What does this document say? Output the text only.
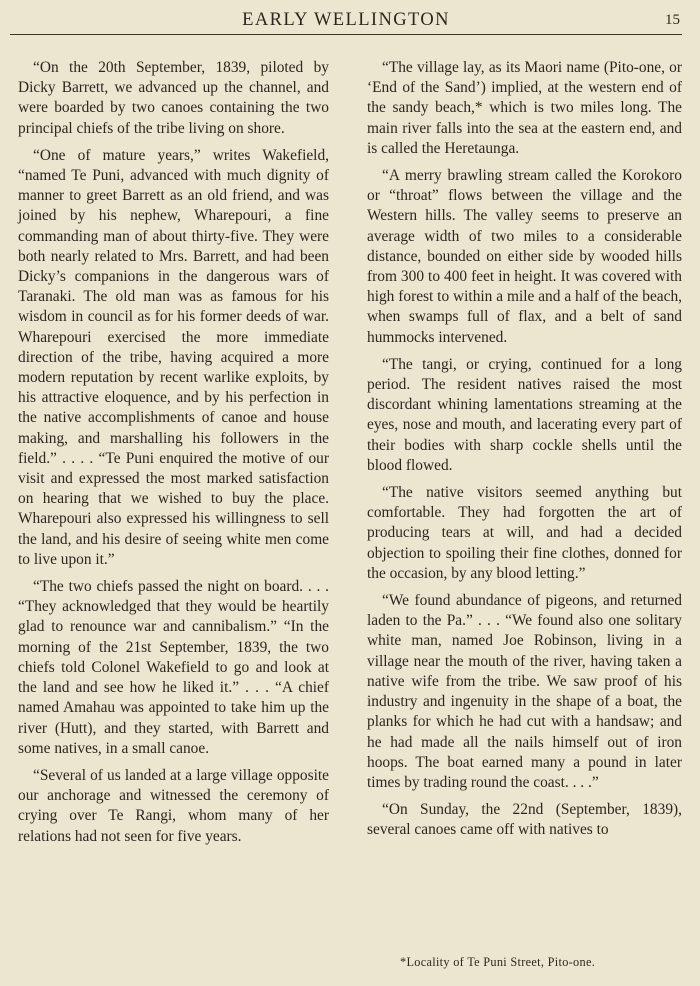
EARLY WELLINGTON	15

“On the 20th September, 1839, piloted by Dicky Barrett, we advanced up the channel, and were boarded by two canoes containing the two principal chiefs of the tribe living on shore.

“One of mature years,” writes Wakefield, “named Te Puni, advanced with much dignity of manner to greet Barrett as an old friend, and was joined by his nephew, Wharepouri, a fine commanding man of about thirty-five. They were both nearly related to Mrs. Barrett, and had been Dicky’s companions in the dangerous wars of Taranaki. The old man was as famous for his wisdom in council as for his former deeds of war. Wharepouri exercised the more immediate direction of the tribe, having acquired a more modern reputation by recent warlike exploits, by his attractive eloquence, and by his perfection in the native accomplishments of canoe and house making, and marshalling his followers in the field.” . . . . “Te Puni enquired the motive of our visit and expressed the most marked satisfaction on hearing that we wished to buy the place. Wharepouri also expressed his willingness to sell the land, and his desire of seeing white men come to live upon it.”

“The two chiefs passed the night on board. . . . “They acknowledged that they would be heartily glad to renounce war and cannibalism.” “In the morning of the 21st September, 1839, the two chiefs told Colonel Wakefield to go and look at the land and see how he liked it.” . . . “A chief named Amahau was appointed to take him up the river (Hutt), and they started, with Barrett and some natives, in a small canoe.

“Several of us landed at a large village opposite our anchorage and witnessed the ceremony of crying over Te Rangi, whom many of her relations had not seen for five years.

“The village lay, as its Maori name (Pito-one, or ‘End of the Sand’) implied, at the western end of the sandy beach,* which is two miles long. The main river falls into the sea at the eastern end, and is called the Heretaunga.

“A merry brawling stream called the Korokoro or “throat” flows between the village and the Western hills. The valley seems to preserve an average width of two miles to a considerable distance, bounded on either side by wooded hills from 300 to 400 feet in height. It was covered with high forest to within a mile and a half of the beach, when swamps full of flax, and a belt of sand hummocks intervened.

“The tangi, or crying, continued for a long period. The resident natives raised the most discordant whining lamentations streaming at the eyes, nose and mouth, and lacerating every part of their bodies with sharp cockle shells until the blood flowed.

“The native visitors seemed anything but comfortable. They had forgotten the art of producing tears at will, and had a decided objection to spoiling their fine clothes, donned for the occasion, by any blood letting.”

“We found abundance of pigeons, and returned laden to the Pa.” . . . “We found also one solitary white man, named Joe Robinson, living in a village near the mouth of the river, having taken a native wife from the tribe. We saw proof of his industry and ingenuity in the shape of a boat, the planks for which he had cut with a handsaw; and he had made all the nails himself out of iron hoops. The boat earned many a pound in later times by trading round the coast. . . .”

“On Sunday, the 22nd (September, 1839), several canoes came off with natives to

*Locality of Te Puni Street, Pito-one.
